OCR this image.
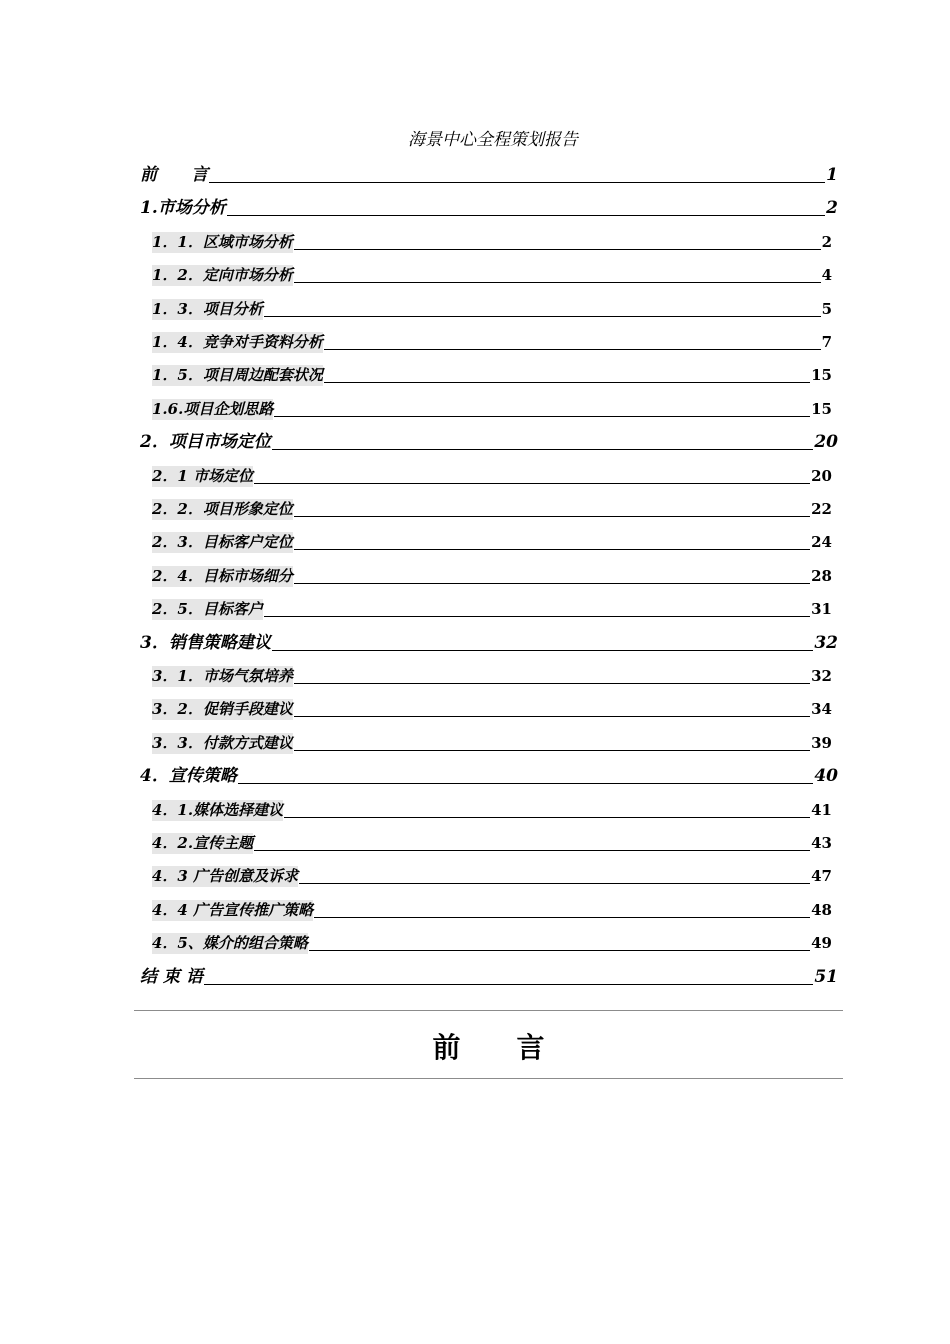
海景中心全程策划报告
前　　言	1
1.市场分析	2
1．1．区域市场分析	2
1．2．定向市场分析	4
1．3．项目分析	5
1．4．竞争对手资料分析	7
1．5．项目周边配套状况	15
1.6.项目企划思路	15
2．项目市场定位	20
2．1 市场定位	20
2．2．项目形象定位	22
2．3．目标客户定位	24
2．4．目标市场细分	28
2．5．目标客户	31
3．销售策略建议	32
3．1．市场气氛培养	32
3．2．促销手段建议	34
3．3．付款方式建议	39
4．宣传策略	40
4．1.媒体选择建议	41
4．2.宣传主题	43
4．3 广告创意及诉求	47
4．4 广告宣传推广策略	48
4．5、媒介的组合策略	49
结 束 语	51
前　　言
